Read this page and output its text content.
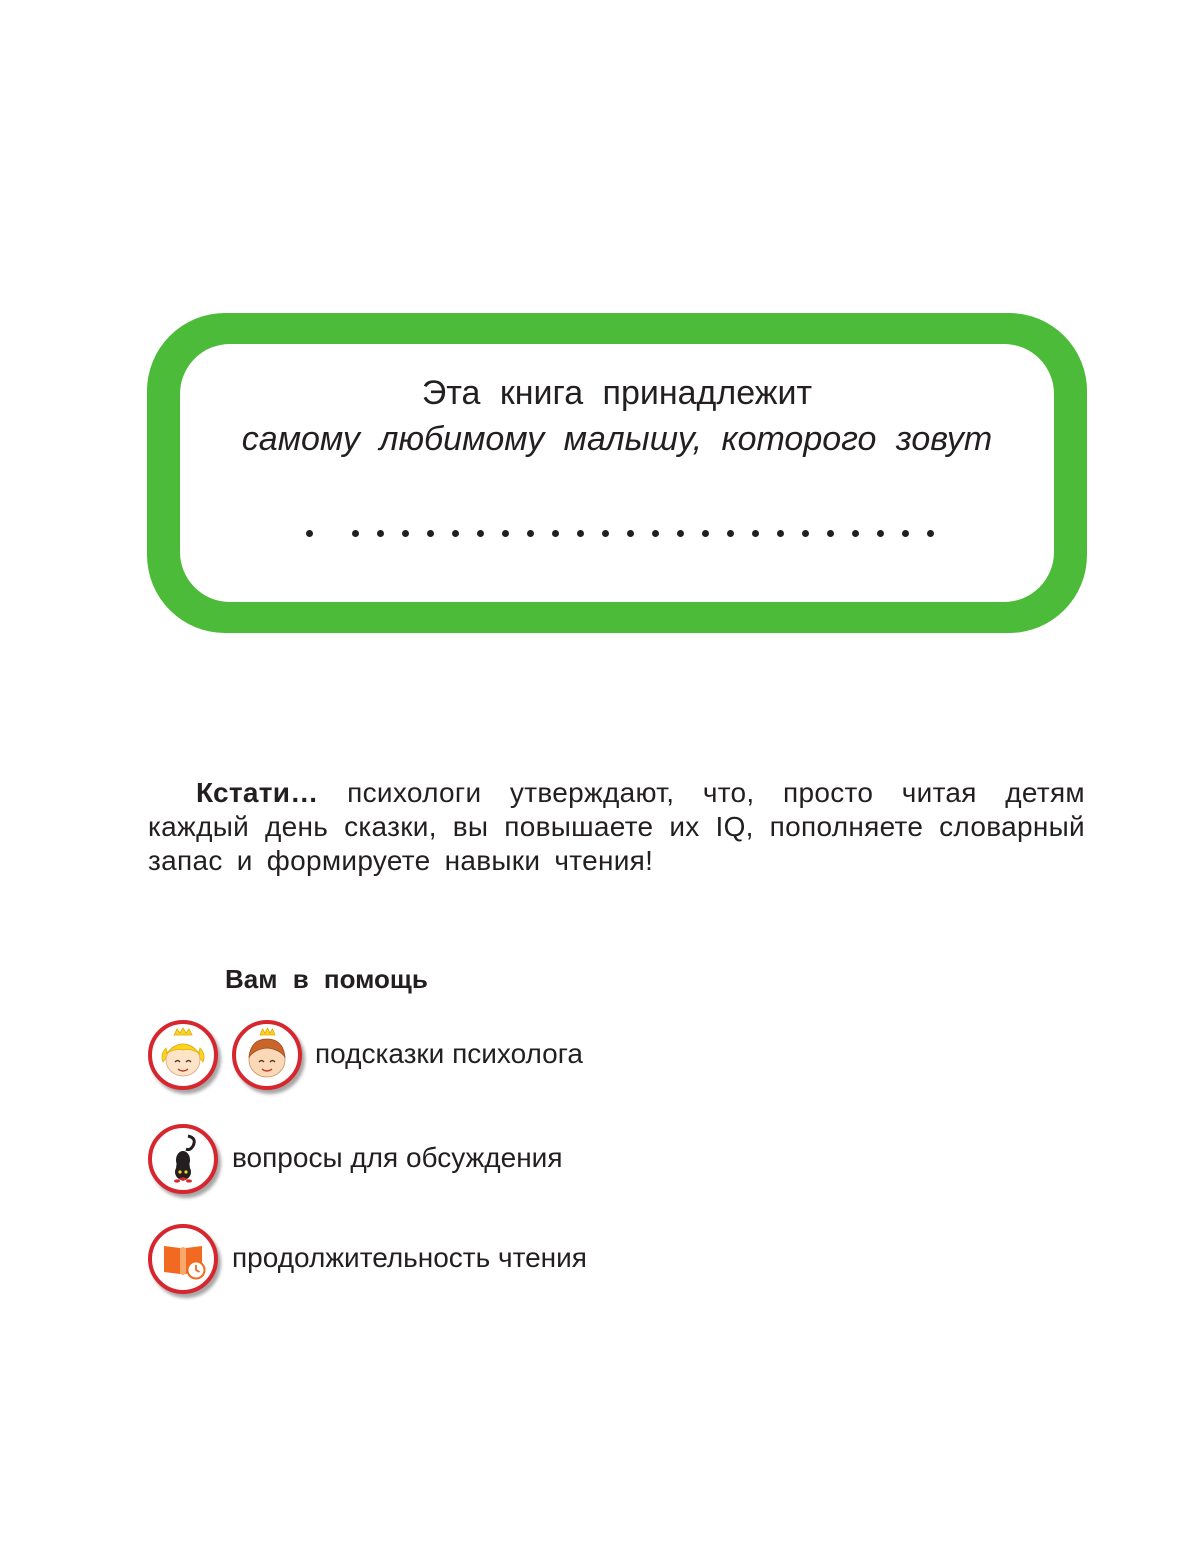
Эта книга принадлежит
самому любимому малышу, которого зовут
Кстати… психологи утверждают, что, просто читая детям каждый день сказки, вы повышаете их IQ, пополняете словарный запас и формируете навыки чтения!
Вам в помощь
подсказки психолога
вопросы для обсуждения
продолжительность чтения
